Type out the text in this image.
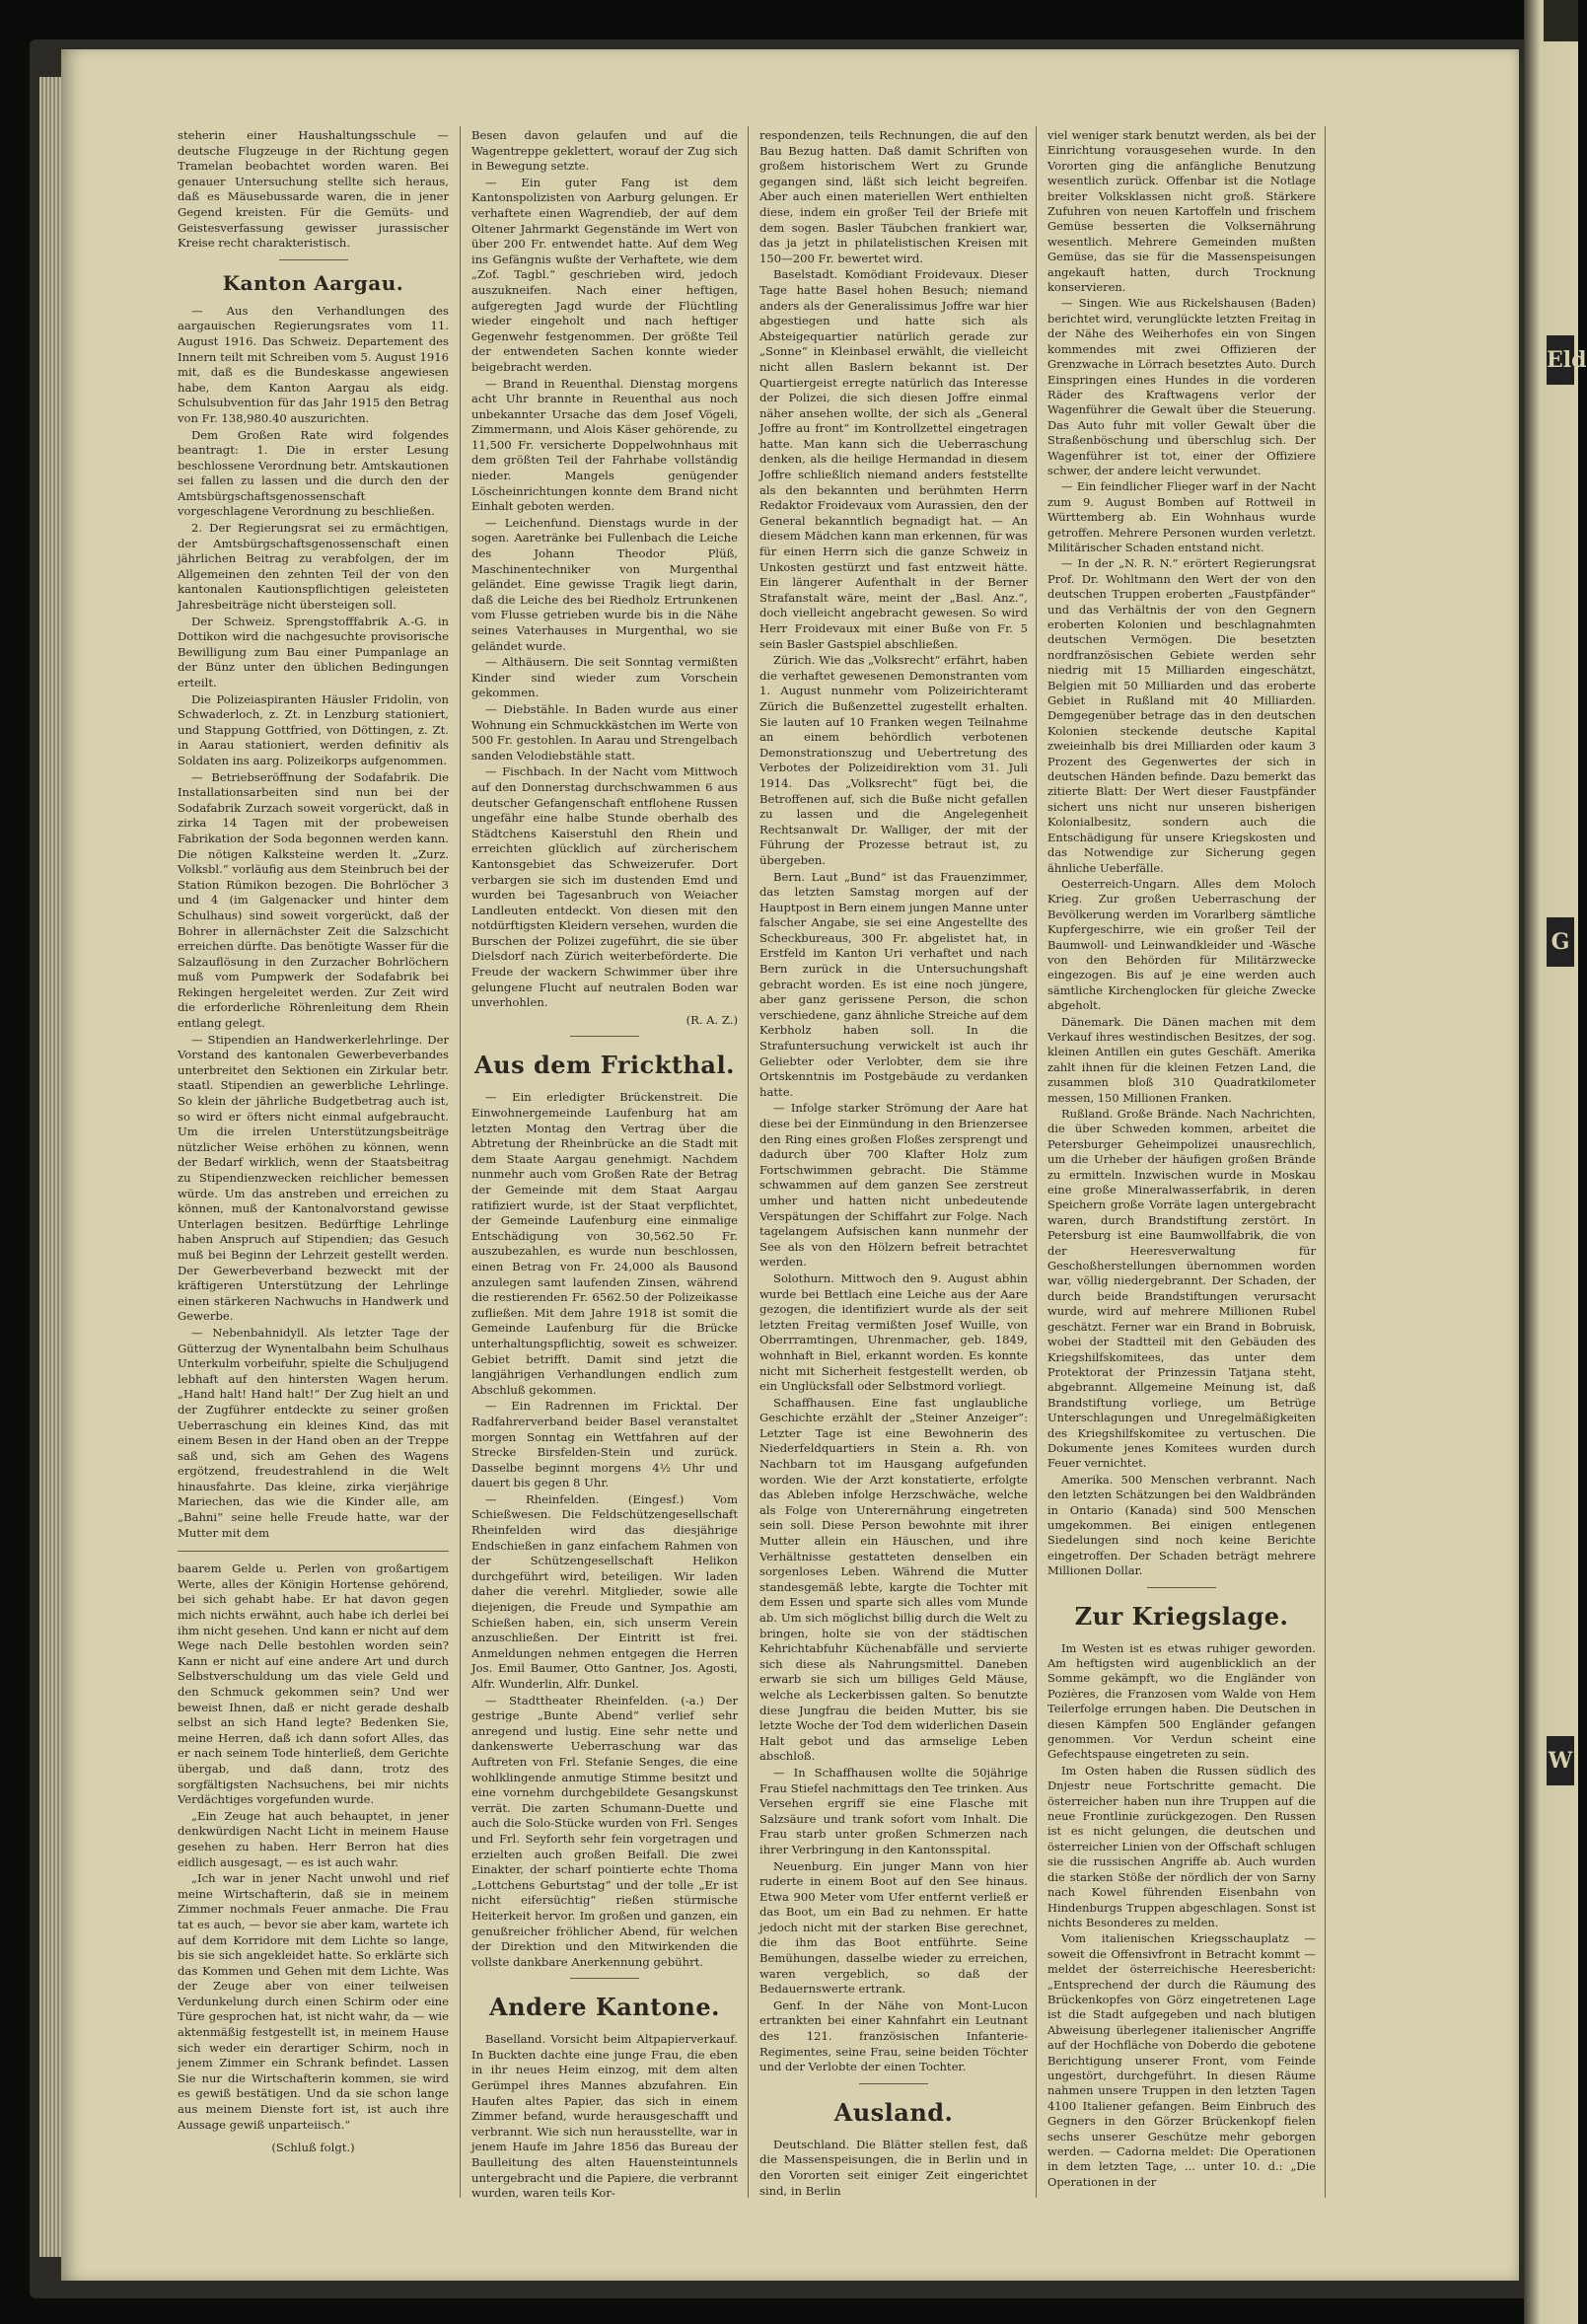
Eld
G
W

steherin einer Haushaltungsschule — deutsche Flugzeuge in der Richtung gegen Tramelan beobachtet worden waren. Bei genauer Untersuchung stellte sich heraus, daß es Mäusebussarde waren, die in jener Gegend kreisten. Für die Gemüts- und Geistesverfassung gewisser jurassischer Kreise recht charakteristisch.

Kanton Aargau.

— Aus den Verhandlungen des aargauischen Regierungsrates vom 11. August 1916. Das Schweiz. Departement des Innern teilt mit Schreiben vom 5. August 1916 mit, daß es die Bundeskasse angewiesen habe, dem Kanton Aargau als eidg. Schulsubvention für das Jahr 1915 den Betrag von Fr. 138,980.40 auszurichten.

Dem Großen Rate wird folgendes beantragt: 1. Die in erster Lesung beschlossene Verordnung betr. Amtskautionen sei fallen zu lassen und die durch den der Amtsbürgschaftsgenossenschaft vorgeschlagene Verordnung zu beschließen.

2. Der Regierungsrat sei zu ermächtigen, der Amtsbürgschaftsgenossenschaft einen jährlichen Beitrag zu verabfolgen, der im Allgemeinen den zehnten Teil der von den kantonalen Kautionspflichtigen geleisteten Jahresbeiträge nicht übersteigen soll.

Der Schweiz. Sprengstofffabrik A.-G. in Dottikon wird die nachgesuchte provisorische Bewilligung zum Bau einer Pumpanlage an der Bünz unter den üblichen Bedingungen erteilt.

Die Polizeiaspiranten Häusler Fridolin, von Schwaderloch, z. Zt. in Lenzburg stationiert, und Stappung Gottfried, von Döttingen, z. Zt. in Aarau stationiert, werden definitiv als Soldaten ins aarg. Polizeikorps aufgenommen.

— Betriebseröffnung der Sodafabrik. Die Installationsarbeiten sind nun bei der Sodafabrik Zurzach soweit vorgerückt, daß in zirka 14 Tagen mit der probeweisen Fabrikation der Soda begonnen werden kann. Die nötigen Kalksteine werden lt. „Zurz. Volksbl.“ vorläufig aus dem Steinbruch bei der Station Rümikon bezogen. Die Bohrlöcher 3 und 4 (im Galgenacker und hinter dem Schulhaus) sind soweit vorgerückt, daß der Bohrer in allernächster Zeit die Salzschicht erreichen dürfte. Das benötigte Wasser für die Salzauflösung in den Zurzacher Bohrlöchern muß vom Pumpwerk der Sodafabrik bei Rekingen hergeleitet werden. Zur Zeit wird die erforderliche Röhrenleitung dem Rhein entlang gelegt.

— Stipendien an Handwerkerlehrlinge. Der Vorstand des kantonalen Gewerbeverbandes unterbreitet den Sektionen ein Zirkular betr. staatl. Stipendien an gewerbliche Lehrlinge. So klein der jährliche Budgetbetrag auch ist, so wird er öfters nicht einmal aufgebraucht. Um die irrelen Unterstützungsbeiträge nützlicher Weise erhöhen zu können, wenn der Bedarf wirklich, wenn der Staatsbeitrag zu Stipendienzwecken reichlicher bemessen würde. Um das anstreben und erreichen zu können, muß der Kantonalvorstand gewisse Unterlagen besitzen. Bedürftige Lehrlinge haben Anspruch auf Stipendien; das Gesuch muß bei Beginn der Lehrzeit gestellt werden. Der Gewerbeverband bezweckt mit der kräftigeren Unterstützung der Lehrlinge einen stärkeren Nachwuchs in Handwerk und Gewerbe.

— Nebenbahnidyll. Als letzter Tage der Gütterzug der Wynentalbahn beim Schulhaus Unterkulm vorbeifuhr, spielte die Schuljugend lebhaft auf den hintersten Wagen herum. „Hand halt! Hand halt!“ Der Zug hielt an und der Zugführer entdeckte zu seiner großen Ueberraschung ein kleines Kind, das mit einem Besen in der Hand oben an der Treppe saß und, sich am Gehen des Wagens ergötzend, freudestrahlend in die Welt hinausfahrte. Das kleine, zirka vierjährige Mariechen, das wie die Kinder alle, am „Bahni“ seine helle Freude hatte, war der Mutter mit dem

baarem Gelde u. Perlen von großartigem Werte, alles der Königin Hortense gehörend, bei sich gehabt habe. Er hat davon gegen mich nichts erwähnt, auch habe ich derlei bei ihm nicht gesehen. Und kann er nicht auf dem Wege nach Delle bestohlen worden sein? Kann er nicht auf eine andere Art und durch Selbstverschuldung um das viele Geld und den Schmuck gekommen sein? Und wer beweist Ihnen, daß er nicht gerade deshalb selbst an sich Hand legte? Bedenken Sie, meine Herren, daß ich dann sofort Alles, das er nach seinem Tode hinterließ, dem Gerichte übergab, und daß dann, trotz des sorgfältigsten Nachsuchens, bei mir nichts Verdächtiges vorgefunden wurde.

„Ein Zeuge hat auch behauptet, in jener denkwürdigen Nacht Licht in meinem Hause gesehen zu haben. Herr Berron hat dies eidlich ausgesagt, — es ist auch wahr.

„Ich war in jener Nacht unwohl und rief meine Wirtschafterin, daß sie in meinem Zimmer nochmals Feuer anmache. Die Frau tat es auch, — bevor sie aber kam, wartete ich auf dem Korridore mit dem Lichte so lange, bis sie sich angekleidet hatte. So erklärte sich das Kommen und Gehen mit dem Lichte. Was der Zeuge aber von einer teilweisen Verdunkelung durch einen Schirm oder eine Türe gesprochen hat, ist nicht wahr, da — wie aktenmäßig festgestellt ist, in meinem Hause sich weder ein derartiger Schirm, noch in jenem Zimmer ein Schrank befindet. Lassen Sie nur die Wirtschafterin kommen, sie wird es gewiß bestätigen. Und da sie schon lange aus meinem Dienste fort ist, ist auch ihre Aussage gewiß unparteiisch.“

(Schluß folgt.)

Besen davon gelaufen und auf die Wagentreppe geklettert, worauf der Zug sich in Bewegung setzte.

— Ein guter Fang ist dem Kantonspolizisten von Aarburg gelungen. Er verhaftete einen Wagrendieb, der auf dem Oltener Jahrmarkt Gegenstände im Wert von über 200 Fr. entwendet hatte. Auf dem Weg ins Gefängnis wußte der Verhaftete, wie dem „Zof. Tagbl.“ geschrieben wird, jedoch auszukneifen. Nach einer heftigen, aufgeregten Jagd wurde der Flüchtling wieder eingeholt und nach heftiger Gegenwehr festgenommen. Der größte Teil der entwendeten Sachen konnte wieder beigebracht werden.

— Brand in Reuenthal. Dienstag morgens acht Uhr brannte in Reuenthal aus noch unbekannter Ursache das dem Josef Vögeli, Zimmermann, und Alois Käser gehörende, zu 11,500 Fr. versicherte Doppelwohnhaus mit dem größten Teil der Fahrhabe vollständig nieder. Mangels genügender Löscheinrichtungen konnte dem Brand nicht Einhalt geboten werden.

— Leichenfund. Dienstags wurde in der sogen. Aaretränke bei Fullenbach die Leiche des Johann Theodor Plüß, Maschinentechniker von Murgenthal geländet. Eine gewisse Tragik liegt darin, daß die Leiche des bei Riedholz Ertrunkenen vom Flusse getrieben wurde bis in die Nähe seines Vaterhauses in Murgenthal, wo sie geländet wurde.

— Althäusern. Die seit Sonntag vermißten Kinder sind wieder zum Vorschein gekommen.

— Diebstähle. In Baden wurde aus einer Wohnung ein Schmuckkästchen im Werte von 500 Fr. gestohlen. In Aarau und Strengelbach sanden Velodiebstähle statt.

— Fischbach. In der Nacht vom Mittwoch auf den Donnerstag durchschwammen 6 aus deutscher Gefangenschaft entflohene Russen ungefähr eine halbe Stunde oberhalb des Städtchens Kaiserstuhl den Rhein und erreichten glücklich auf zürcherischem Kantonsgebiet das Schweizerufer. Dort verbargen sie sich im dustenden Emd und wurden bei Tagesanbruch von Weiacher Landleuten entdeckt. Von diesen mit den notdürftigsten Kleidern versehen, wurden die Burschen der Polizei zugeführt, die sie über Dielsdorf nach Zürich weiterbeförderte. Die Freude der wackern Schwimmer über ihre gelungene Flucht auf neutralen Boden war unverhohlen.

(R. A. Z.)

Aus dem Frickthal.

— Ein erledigter Brückenstreit. Die Einwohnergemeinde Laufenburg hat am letzten Montag den Vertrag über die Abtretung der Rheinbrücke an die Stadt mit dem Staate Aargau genehmigt. Nachdem nunmehr auch vom Großen Rate der Betrag der Gemeinde mit dem Staat Aargau ratifiziert wurde, ist der Staat verpflichtet, der Gemeinde Laufenburg eine einmalige Entschädigung von 30,562.50 Fr. auszubezahlen, es wurde nun beschlossen, einen Betrag von Fr. 24,000 als Bausond anzulegen samt laufenden Zinsen, während die restierenden Fr. 6562.50 der Polizeikasse zufließen. Mit dem Jahre 1918 ist somit die Gemeinde Laufenburg für die Brücke unterhaltungspflichtig, soweit es schweizer. Gebiet betrifft. Damit sind jetzt die langjährigen Verhandlungen endlich zum Abschluß gekommen.

— Ein Radrennen im Fricktal. Der Radfahrerverband beider Basel veranstaltet morgen Sonntag ein Wettfahren auf der Strecke Birsfelden-Stein und zurück. Dasselbe beginnt morgens 4½ Uhr und dauert bis gegen 8 Uhr.

— Rheinfelden. (Eingesf.) Vom Schießwesen. Die Feldschützengesellschaft Rheinfelden wird das diesjährige Endschießen in ganz einfachem Rahmen von der Schützengesellschaft Helikon durchgeführt wird, beteiligen. Wir laden daher die verehrl. Mitglieder, sowie alle diejenigen, die Freude und Sympathie am Schießen haben, ein, sich unserm Verein anzuschließen. Der Eintritt ist frei. Anmeldungen nehmen entgegen die Herren Jos. Emil Baumer, Otto Gantner, Jos. Agosti, Alfr. Wunderlin, Alfr. Dunkel.

— Stadttheater Rheinfelden. (-a.) Der gestrige „Bunte Abend“ verlief sehr anregend und lustig. Eine sehr nette und dankenswerte Ueberraschung war das Auftreten von Frl. Stefanie Senges, die eine wohlklingende anmutige Stimme besitzt und eine vornehm durchgebildete Gesangskunst verrät. Die zarten Schumann-Duette und auch die Solo-Stücke wurden von Frl. Senges und Frl. Seyforth sehr fein vorgetragen und erzielten auch großen Beifall. Die zwei Einakter, der scharf pointierte echte Thoma „Lottchens Geburtstag“ und der tolle „Er ist nicht eifersüchtig“ rießen stürmische Heiterkeit hervor. Im großen und ganzen, ein genußreicher fröhlicher Abend, für welchen der Direktion und den Mitwirkenden die vollste dankbare Anerkennung gebührt.

Andere Kantone.

Baselland. Vorsicht beim Altpapierverkauf. In Buckten dachte eine junge Frau, die eben in ihr neues Heim einzog, mit dem alten Gerümpel ihres Mannes abzufahren. Ein Haufen altes Papier, das sich in einem Zimmer befand, wurde herausgeschafft und verbrannt. Wie sich nun herausstellte, war in jenem Haufe im Jahre 1856 das Bureau der Baulleitung des alten Hauensteintunnels untergebracht und die Papiere, die verbrannt wurden, waren teils Kor-

respondenzen, teils Rechnungen, die auf den Bau Bezug hatten. Daß damit Schriften von großem historischem Wert zu Grunde gegangen sind, läßt sich leicht begreifen. Aber auch einen materiellen Wert enthielten diese, indem ein großer Teil der Briefe mit dem sogen. Basler Täubchen frankiert war, das ja jetzt in philatelistischen Kreisen mit 150—200 Fr. bewertet wird.

Baselstadt. Komödiant Froidevaux. Dieser Tage hatte Basel hohen Besuch; niemand anders als der Generalissimus Joffre war hier abgestiegen und hatte sich als Absteigequartier natürlich gerade zur „Sonne“ in Kleinbasel erwählt, die vielleicht nicht allen Baslern bekannt ist. Der Quartiergeist erregte natürlich das Interesse der Polizei, die sich diesen Joffre einmal näher ansehen wollte, der sich als „General Joffre au front“ im Kontrollzettel eingetragen hatte. Man kann sich die Ueberraschung denken, als die heilige Hermandad in diesem Joffre schließlich niemand anders feststellte als den bekannten und berühmten Herrn Redaktor Froidevaux vom Aurassien, den der General bekanntlich begnadigt hat. — An diesem Mädchen kann man erkennen, für was für einen Herrn sich die ganze Schweiz in Unkosten gestürzt und fast entzweit hätte. Ein längerer Aufenthalt in der Berner Strafanstalt wäre, meint der „Basl. Anz.“, doch vielleicht angebracht gewesen. So wird Herr Froidevaux mit einer Buße von Fr. 5 sein Basler Gastspiel abschließen.

Zürich. Wie das „Volksrecht“ erfährt, haben die verhaftet gewesenen Demonstranten vom 1. August nunmehr vom Polizeirichteramt Zürich die Bußenzettel zugestellt erhalten. Sie lauten auf 10 Franken wegen Teilnahme an einem behördlich verbotenen Demonstrationszug und Uebertretung des Verbotes der Polizeidirektion vom 31. Juli 1914. Das „Volksrecht“ fügt bei, die Betroffenen auf, sich die Buße nicht gefallen zu lassen und die Angelegenheit Rechtsanwalt Dr. Walliger, der mit der Führung der Prozesse betraut ist, zu übergeben.

Bern. Laut „Bund“ ist das Frauenzimmer, das letzten Samstag morgen auf der Hauptpost in Bern einem jungen Manne unter falscher Angabe, sie sei eine Angestellte des Scheckbureaus, 300 Fr. abgelistet hat, in Erstfeld im Kanton Uri verhaftet und nach Bern zurück in die Untersuchungshaft gebracht worden. Es ist eine noch jüngere, aber ganz gerissene Person, die schon verschiedene, ganz ähnliche Streiche auf dem Kerbholz haben soll. In die Strafuntersuchung verwickelt ist auch ihr Geliebter oder Verlobter, dem sie ihre Ortskenntnis im Postgebäude zu verdanken hatte.

— Infolge starker Strömung der Aare hat diese bei der Einmündung in den Brienzersee den Ring eines großen Floßes zersprengt und dadurch über 700 Klafter Holz zum Fortschwimmen gebracht. Die Stämme schwammen auf dem ganzen See zerstreut umher und hatten nicht unbedeutende Verspätungen der Schiffahrt zur Folge. Nach tagelangem Aufsischen kann nunmehr der See als von den Hölzern befreit betrachtet werden.

Solothurn. Mittwoch den 9. August abhin wurde bei Bettlach eine Leiche aus der Aare gezogen, die identifiziert wurde als der seit letzten Freitag vermißten Josef Wuille, von Oberrramtingen, Uhrenmacher, geb. 1849, wohnhaft in Biel, erkannt worden. Es konnte nicht mit Sicherheit festgestellt werden, ob ein Unglücksfall oder Selbstmord vorliegt.

Schaffhausen. Eine fast unglaubliche Geschichte erzählt der „Steiner Anzeiger“: Letzter Tage ist eine Bewohnerin des Niederfeldquartiers in Stein a. Rh. von Nachbarn tot im Hausgang aufgefunden worden. Wie der Arzt konstatierte, erfolgte das Ableben infolge Herzschwäche, welche als Folge von Unterernährung eingetreten sein soll. Diese Person bewohnte mit ihrer Mutter allein ein Häuschen, und ihre Verhältnisse gestatteten denselben ein sorgenloses Leben. Während die Mutter standesgemäß lebte, kargte die Tochter mit dem Essen und sparte sich alles vom Munde ab. Um sich möglichst billig durch die Welt zu bringen, holte sie von der städtischen Kehrichtabfuhr Küchenabfälle und servierte sich diese als Nahrungsmittel. Daneben erwarb sie sich um billiges Geld Mäuse, welche als Leckerbissen galten. So benutzte diese Jungfrau die beiden Mutter, bis sie letzte Woche der Tod dem widerlichen Dasein Halt gebot und das armselige Leben abschloß.

— In Schaffhausen wollte die 50jährige Frau Stiefel nachmittags den Tee trinken. Aus Versehen ergriff sie eine Flasche mit Salzsäure und trank sofort vom Inhalt. Die Frau starb unter großen Schmerzen nach ihrer Verbringung in den Kantonsspital.

Neuenburg. Ein junger Mann von hier ruderte in einem Boot auf den See hinaus. Etwa 900 Meter vom Ufer entfernt verließ er das Boot, um ein Bad zu nehmen. Er hatte jedoch nicht mit der starken Bise gerechnet, die ihm das Boot entführte. Seine Bemühungen, dasselbe wieder zu erreichen, waren vergeblich, so daß der Bedauernswerte ertrank.

Genf. In der Nähe von Mont-Lucon ertrankten bei einer Kahnfahrt ein Leutnant des 121. französischen Infanterie-Regimentes, seine Frau, seine beiden Töchter und der Verlobte der einen Tochter.

Ausland.

Deutschland. Die Blätter stellen fest, daß die Massenspeisungen, die in Berlin und in den Vororten seit einiger Zeit eingerichtet sind, in Berlin

viel weniger stark benutzt werden, als bei der Einrichtung vorausgesehen wurde. In den Vororten ging die anfängliche Benutzung wesentlich zurück. Offenbar ist die Notlage breiter Volksklassen nicht groß. Stärkere Zufuhren von neuen Kartoffeln und frischem Gemüse besserten die Volksernährung wesentlich. Mehrere Gemeinden mußten Gemüse, das sie für die Massenspeisungen angekauft hatten, durch Trocknung konservieren.

— Singen. Wie aus Rickelshausen (Baden) berichtet wird, verunglückte letzten Freitag in der Nähe des Weiherhofes ein von Singen kommendes mit zwei Offizieren der Grenzwache in Lörrach besetztes Auto. Durch Einspringen eines Hundes in die vorderen Räder des Kraftwagens verlor der Wagenführer die Gewalt über die Steuerung. Das Auto fuhr mit voller Gewalt über die Straßenböschung und überschlug sich. Der Wagenführer ist tot, einer der Offiziere schwer, der andere leicht verwundet.

— Ein feindlicher Flieger warf in der Nacht zum 9. August Bomben auf Rottweil in Württemberg ab. Ein Wohnhaus wurde getroffen. Mehrere Personen wurden verletzt. Militärischer Schaden entstand nicht.

— In der „N. R. N.“ erörtert Regierungsrat Prof. Dr. Wohltmann den Wert der von den deutschen Truppen eroberten „Faustpfänder“ und das Verhältnis der von den Gegnern eroberten Kolonien und beschlagnahmten deutschen Vermögen. Die besetzten nordfranzösischen Gebiete werden sehr niedrig mit 15 Milliarden eingeschätzt, Belgien mit 50 Milliarden und das eroberte Gebiet in Rußland mit 40 Milliarden. Demgegenüber betrage das in den deutschen Kolonien steckende deutsche Kapital zweieinhalb bis drei Milliarden oder kaum 3 Prozent des Gegenwertes der sich in deutschen Händen befinde. Dazu bemerkt das zitierte Blatt: Der Wert dieser Faustpfänder sichert uns nicht nur unseren bisherigen Kolonialbesitz, sondern auch die Entschädigung für unsere Kriegskosten und das Notwendige zur Sicherung gegen ähnliche Ueberfälle.

Oesterreich-Ungarn. Alles dem Moloch Krieg. Zur großen Ueberraschung der Bevölkerung werden im Vorarlberg sämtliche Kupfergeschirre, wie ein großer Teil der Baumwoll- und Leinwandkleider und -Wäsche von den Behörden für Militärzwecke eingezogen. Bis auf je eine werden auch sämtliche Kirchenglocken für gleiche Zwecke abgeholt.

Dänemark. Die Dänen machen mit dem Verkauf ihres westindischen Besitzes, der sog. kleinen Antillen ein gutes Geschäft. Amerika zahlt ihnen für die kleinen Fetzen Land, die zusammen bloß 310 Quadratkilometer messen, 150 Millionen Franken.

Rußland. Große Brände. Nach Nachrichten, die über Schweden kommen, arbeitet die Petersburger Geheimpolizei unausrechlich, um die Urheber der häufigen großen Brände zu ermitteln. Inzwischen wurde in Moskau eine große Mineralwasserfabrik, in deren Speichern große Vorräte lagen untergebracht waren, durch Brandstiftung zerstört. In Petersburg ist eine Baumwollfabrik, die von der Heeresverwaltung für Geschoßherstellungen übernommen worden war, völlig niedergebrannt. Der Schaden, der durch beide Brandstiftungen verursacht wurde, wird auf mehrere Millionen Rubel geschätzt. Ferner war ein Brand in Bobruisk, wobei der Stadtteil mit den Gebäuden des Kriegshilfskomitees, das unter dem Protektorat der Prinzessin Tatjana steht, abgebrannt. Allgemeine Meinung ist, daß Brandstiftung vorliege, um Betrüge Unterschlagungen und Unregelmäßigkeiten des Kriegshilfskomitee zu vertuschen. Die Dokumente jenes Komitees wurden durch Feuer vernichtet.

Amerika. 500 Menschen verbrannt. Nach den letzten Schätzungen bei den Waldbränden in Ontario (Kanada) sind 500 Menschen umgekommen. Bei einigen entlegenen Siedelungen sind noch keine Berichte eingetroffen. Der Schaden beträgt mehrere Millionen Dollar.

Zur Kriegslage.

Im Westen ist es etwas ruhiger geworden. Am heftigsten wird augenblicklich an der Somme gekämpft, wo die Engländer von Pozières, die Franzosen vom Walde von Hem Teilerfolge errungen haben. Die Deutschen in diesen Kämpfen 500 Engländer gefangen genommen. Vor Verdun scheint eine Gefechtspause eingetreten zu sein.

Im Osten haben die Russen südlich des Dnjestr neue Fortschritte gemacht. Die österreicher haben nun ihre Truppen auf die neue Frontlinie zurückgezogen. Den Russen ist es nicht gelungen, die deutschen und österreicher Linien von der Offschaft schlugen sie die russischen Angriffe ab. Auch wurden die starken Stöße der nördlich der von Sarny nach Kowel führenden Eisenbahn von Hindenburgs Truppen abgeschlagen. Sonst ist nichts Besonderes zu melden.

Vom italienischen Kriegsschauplatz — soweit die Offensivfront in Betracht kommt — meldet der österreichische Heeresbericht: „Entsprechend der durch die Räumung des Brückenkopfes von Görz eingetretenen Lage ist die Stadt aufgegeben und nach blutigen Abweisung überlegener italienischer Angriffe auf der Hochfläche von Doberdo die gebotene Berichtigung unserer Front, vom Feinde ungestört, durchgeführt. In diesen Räume nahmen unsere Truppen in den letzten Tagen 4100 Italiener gefangen. Beim Einbruch des Gegners in den Görzer Brückenkopf fielen sechs unserer Geschütze mehr geborgen werden. — Cadorna meldet: Die Operationen in dem letzten Tage, ... unter 10. d.: „Die Operationen in der
